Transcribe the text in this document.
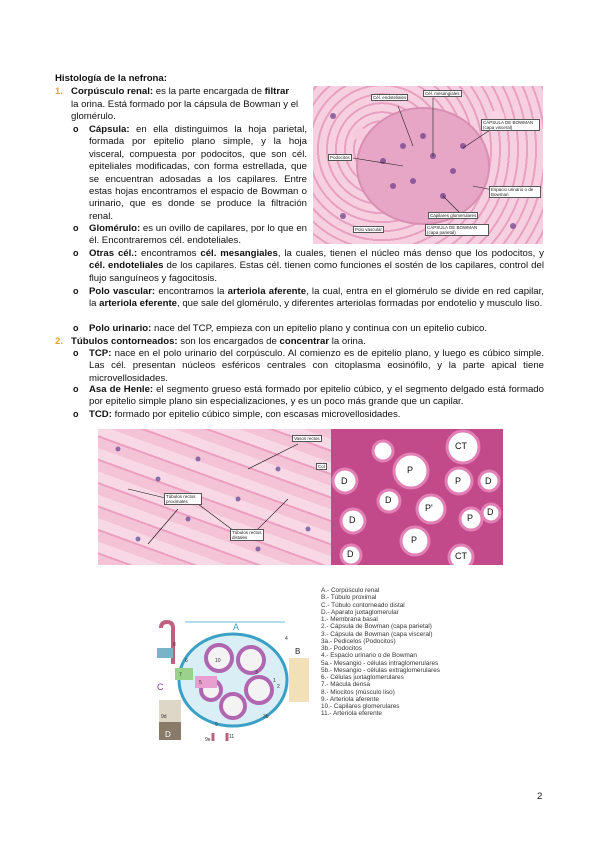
Histología de la nefrona:

1. Corpúsculo renal: es la parte encargada de filtrar

la orina. Está formado por la cápsula de Bowman y el glomérulo.

o Cápsula: en ella distinguimos la hoja parietal, formada por epitelio plano simple, y la hoja visceral, compuesta por podocitos, que son cél. epiteliales modificadas, con forma estrellada, que se encuentran adosadas a los capilares. Entre estas hojas encontramos el espacio de Bowman o urinario, que es donde se produce la filtración renal.

o Glomérulo: es un ovillo de capilares, por lo que en él. Encontraremos cél. endoteliales.

o Otras cél.: encontramos cél. mesangiales, la cuales, tienen el núcleo más denso que los podocitos, y cél. endoteliales de los capilares. Estas cél. tienen como funciones el sostén de los capilares, control del flujo sanguíneos y fagocitosis.

o Polo vascular: encontramos la arteriola aferente, la cual, entra en el glomérulo se divide en red capilar, la arteriola eferente, que sale del glomérulo, y diferentes arteriolas formadas por endotelio y musculo liso.

o Polo urinario: nace del TCP, empieza con un epitelio plano y continua con un epitelio cubico.

2. Túbulos contorneados: son los encargados de concentrar la orina.

o TCP: nace en el polo urinario del corpúsculo. Al comienzo es de epitelio plano, y luego es cúbico simple. Las cél. presentan núcleos esféricos centrales con citoplasma eosinófilo, y la parte apical tiene microvellosidades.

o Asa de Henle: el segmento grueso está formado por epitelio cúbico, y el segmento delgado está formado por epitelio simple plano sin especializaciones, y es un poco más grande que un capilar.

o TCD: formado por epitelio cúbico simple, con escasas microvellosidades.

Cél. endoteliales
Cél. mesangiales
Podocitos
CÁPSULA DE BOWMAN (capa visceral)
Espacio urinario o de Bowman
Capilares glomerulares
CÁPSULA DE BOWMAN (capa parietal)
Polo vascular
Vasos rectos
Túbulos rectos proximales
Túbulos rectos distales
Col
CT
P
P
D	D
P'
D
P
D
D
P
D	CT
A
B
C
D
1
2
3
4
5
6
7
8
9
10
11
3b
9d
9e

A.- Corpúsculo renal

B.- Túbulo proximal

C.- Túbulo contorneado distal

D.- Aparato juxtaglomerular

1.- Membrana basal

2.- Cápsula de Bowman (capa parietal)

3.- Cápsula de Bowman (capa visceral)

3a.- Pedicelos (Podocitos)

3b.- Podocitos

4.- Espacio urinario o de Bowman

5a.- Mesangio - células intraglomerulares

5b.- Mesangio - células extraglomerulares

6.- Células juxtaglomerulares

7.- Mácula densa

8.- Miocitos (músculo liso)

9.- Arteriola aferente

10.- Capilares glomerulares

11.- Arteriola eferente

2
